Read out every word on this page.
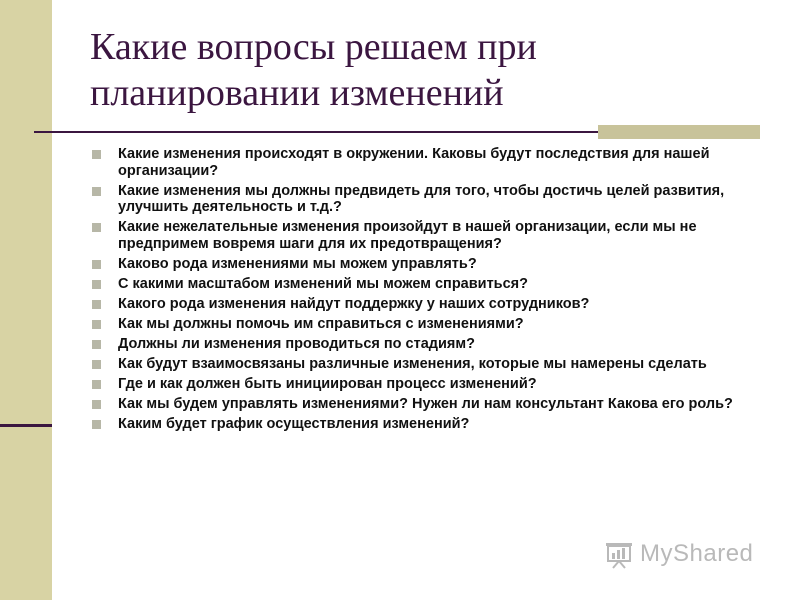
Какие вопросы решаем при
планировании изменений
Какие изменения происходят в окружении. Каковы будут последствия для нашей организации?
Какие изменения мы должны предвидеть для того, чтобы достичь целей развития, улучшить деятельность и т.д.?
Какие нежелательные изменения произойдут в нашей организации, если мы не предпримем вовремя шаги для их предотвращения?
Каково рода изменениями мы можем управлять?
С какими масштабом изменений мы можем справиться?
Какого рода изменения найдут поддержку у наших сотрудников?
Как мы должны помочь им справиться с изменениями?
Должны ли изменения проводиться по стадиям?
Как будут взаимосвязаны различные изменения, которые мы намерены сделать
Где и как должен быть инициирован процесс изменений?
Как мы будем управлять изменениями? Нужен ли нам консультант Какова его роль?
Каким будет график осуществления изменений?
MyShared
